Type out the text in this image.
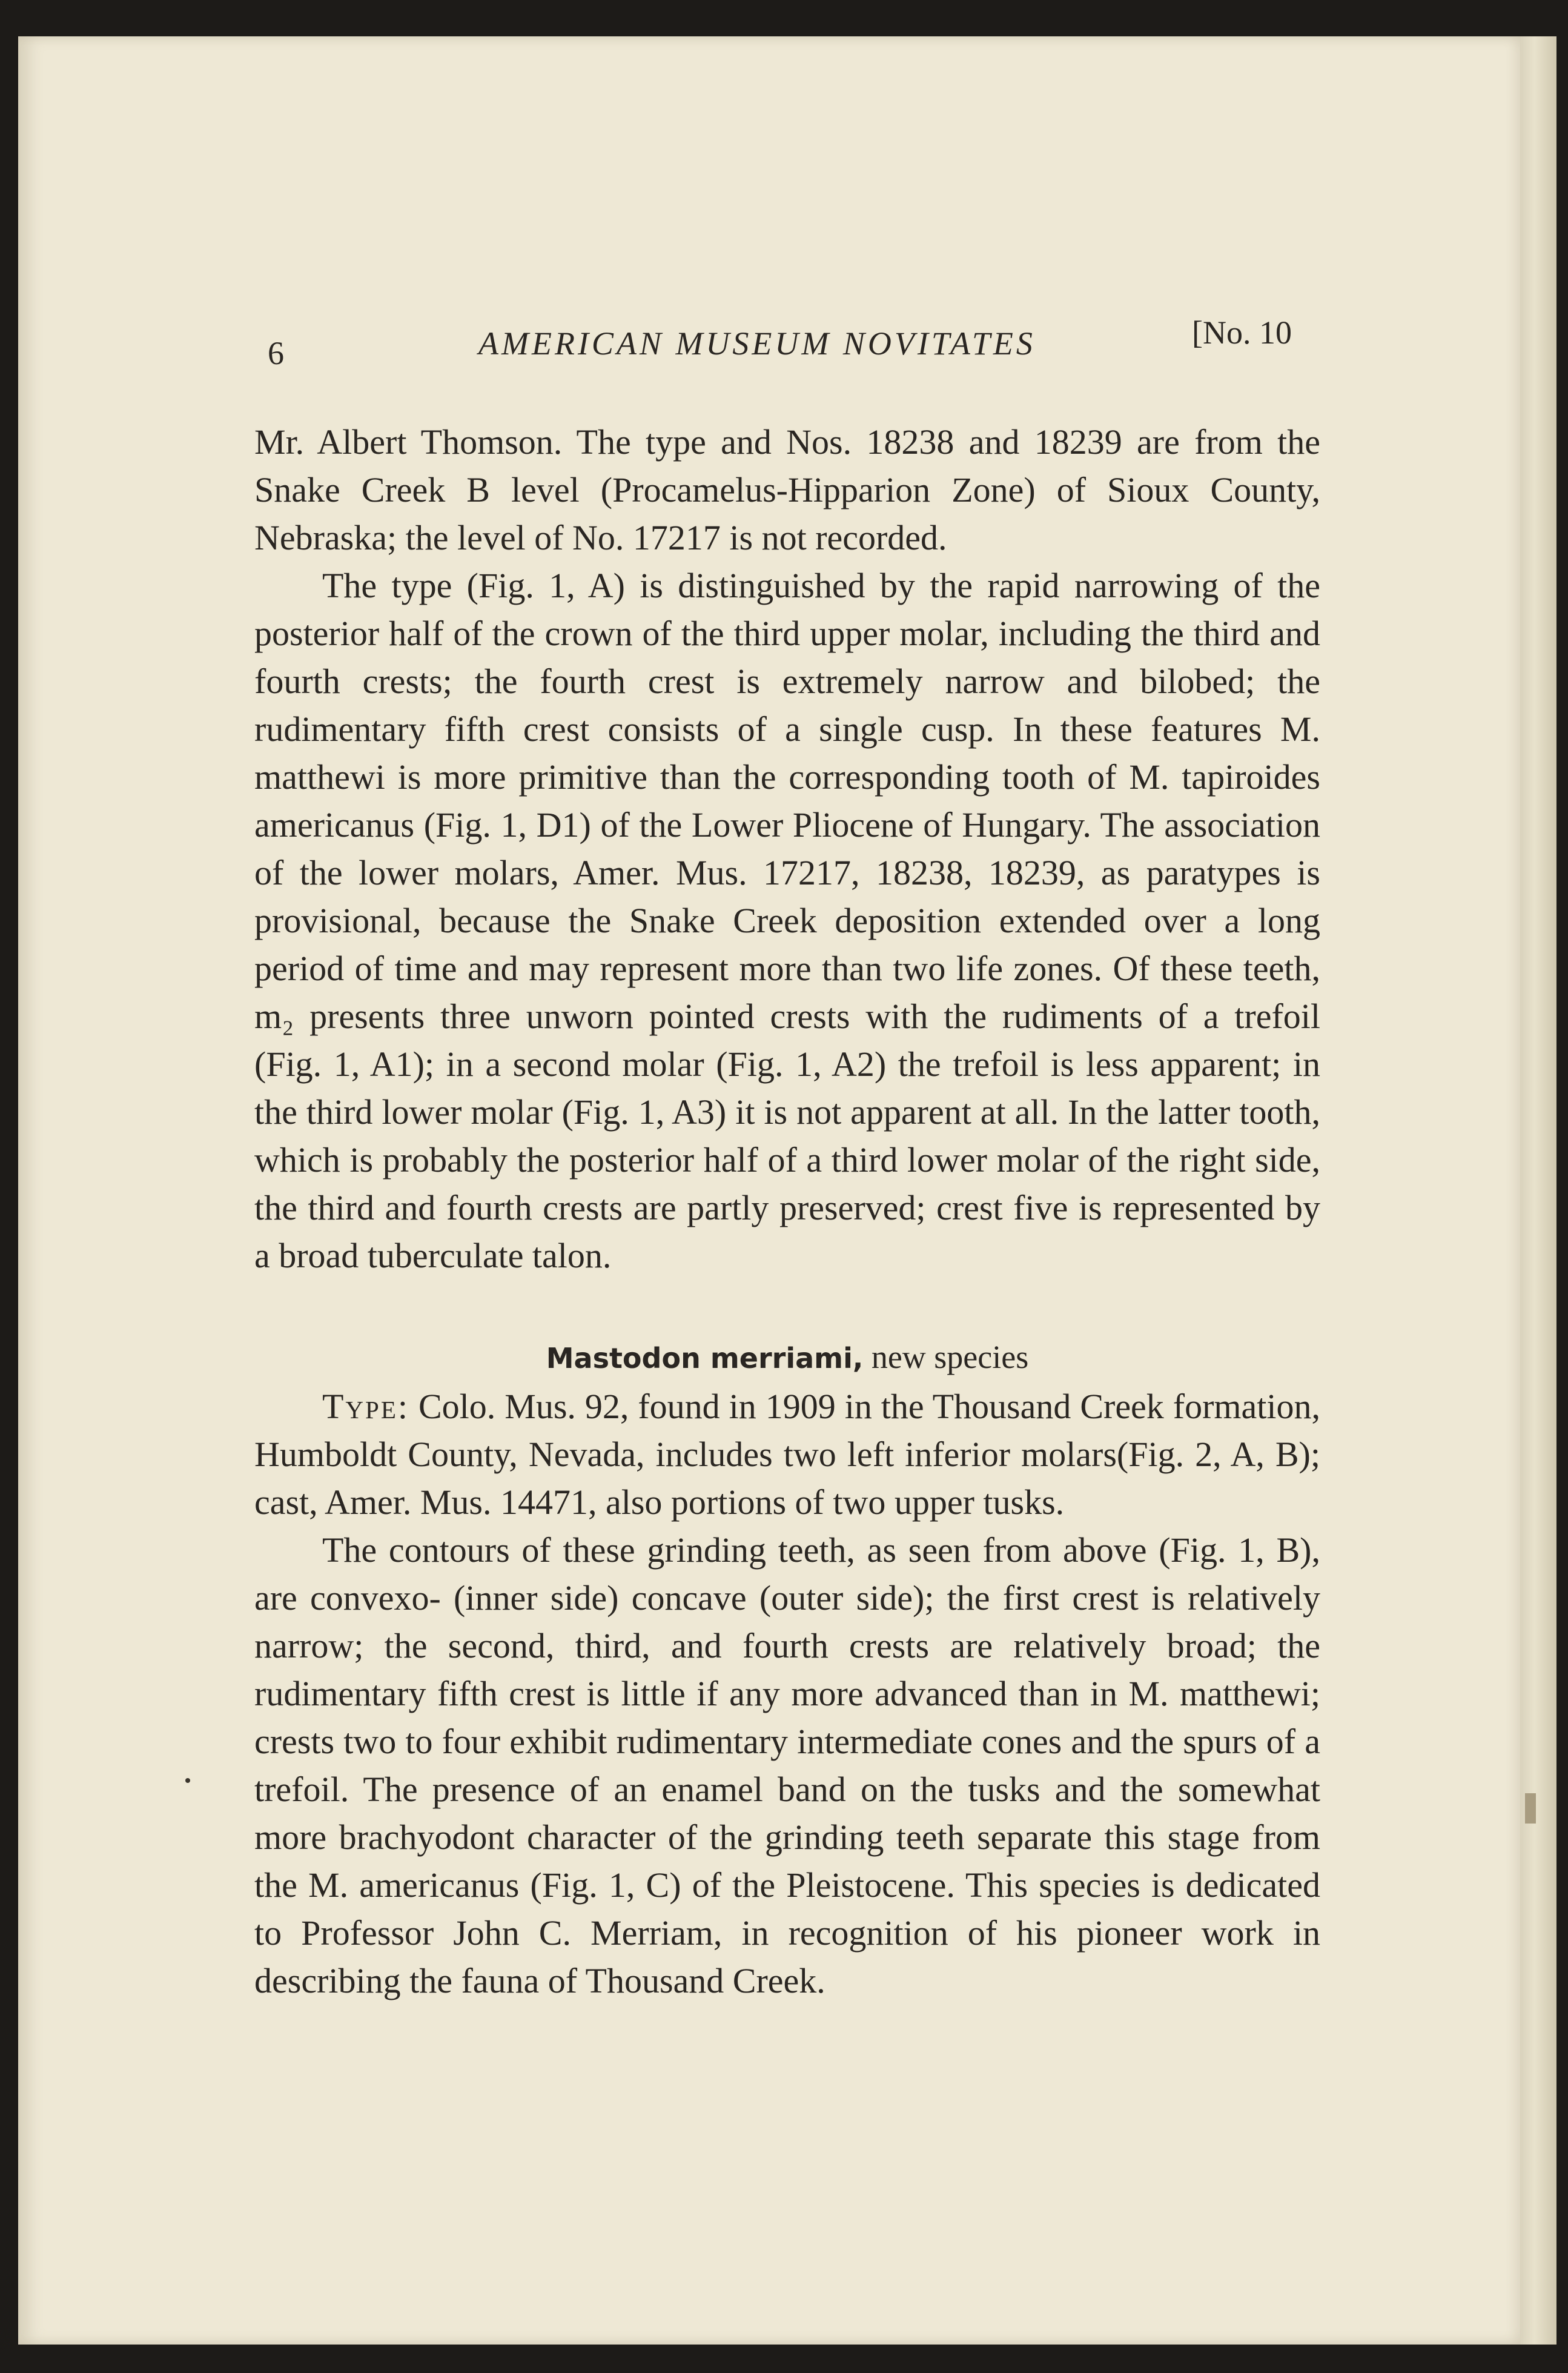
6	AMERICAN MUSEUM NOVITATES	[No. 10

Mr. Albert Thomson. The type and Nos. 18238 and 18239 are from the Snake Creek B level (Procamelus-Hipparion Zone) of Sioux County, Nebraska; the level of No. 17217 is not recorded.

The type (Fig. 1, A) is distinguished by the rapid narrowing of the posterior half of the crown of the third upper molar, including the third and fourth crests; the fourth crest is extremely narrow and bilobed; the rudimentary fifth crest consists of a single cusp. In these features M. matthewi is more primitive than the corresponding tooth of M. tapiroides americanus (Fig. 1, D1) of the Lower Pliocene of Hungary. The association of the lower molars, Amer. Mus. 17217, 18238, 18239, as paratypes is provisional, because the Snake Creek deposition extended over a long period of time and may represent more than two life zones. Of these teeth, m₂ presents three unworn pointed crests with the rudiments of a trefoil (Fig. 1, A1); in a second molar (Fig. 1, A2) the trefoil is less apparent; in the third lower molar (Fig. 1, A3) it is not apparent at all. In the latter tooth, which is probably the posterior half of a third lower molar of the right side, the third and fourth crests are partly preserved; crest five is represented by a broad tuberculate talon.

Mastodon merriami, new species

Type: Colo. Mus. 92, found in 1909 in the Thousand Creek formation, Humboldt County, Nevada, includes two left inferior molars(Fig. 2, A, B); cast, Amer. Mus. 14471, also portions of two upper tusks.

The contours of these grinding teeth, as seen from above (Fig. 1, B), are convexo- (inner side) concave (outer side); the first crest is relatively narrow; the second, third, and fourth crests are relatively broad; the rudimentary fifth crest is little if any more advanced than in M. matthewi; crests two to four exhibit rudimentary intermediate cones and the spurs of a trefoil. The presence of an enamel band on the tusks and the somewhat more brachyodont character of the grinding teeth separate this stage from the M. americanus (Fig. 1, C) of the Pleistocene. This species is dedicated to Professor John C. Merriam, in recognition of his pioneer work in describing the fauna of Thousand Creek.
